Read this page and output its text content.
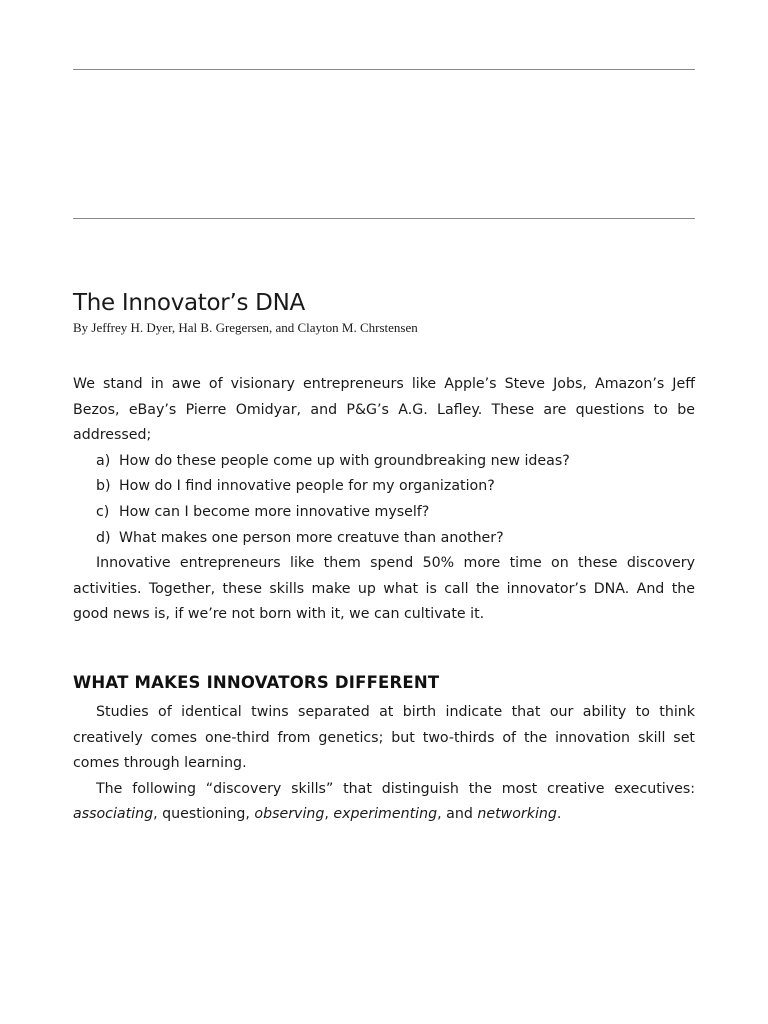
The Innovator’s DNA
By Jeffrey H. Dyer, Hal B. Gregersen, and Clayton M. Chrstensen

We stand in awe of visionary entrepreneurs like Apple’s Steve Jobs, Amazon’s Jeff Bezos, eBay’s Pierre Omidyar, and P&G’s A.G. Lafley. These are questions to be addressed;

a) How do these people come up with groundbreaking new ideas?
b) How do I find innovative people for my organization?
c) How can I become more innovative myself?
d) What makes one person more creatuve than another?

Innovative entrepreneurs like them spend 50% more time on these discovery activities. Together, these skills make up what is call the innovator’s DNA. And the good news is, if we’re not born with it, we can cultivate it.

WHAT MAKES INNOVATORS DIFFERENT

Studies of identical twins separated at birth indicate that our ability to think creatively comes one-third from genetics; but two-thirds of the innovation skill set comes through learning.

The following “discovery skills” that distinguish the most creative executives: associating, questioning, observing, experimenting, and networking.
